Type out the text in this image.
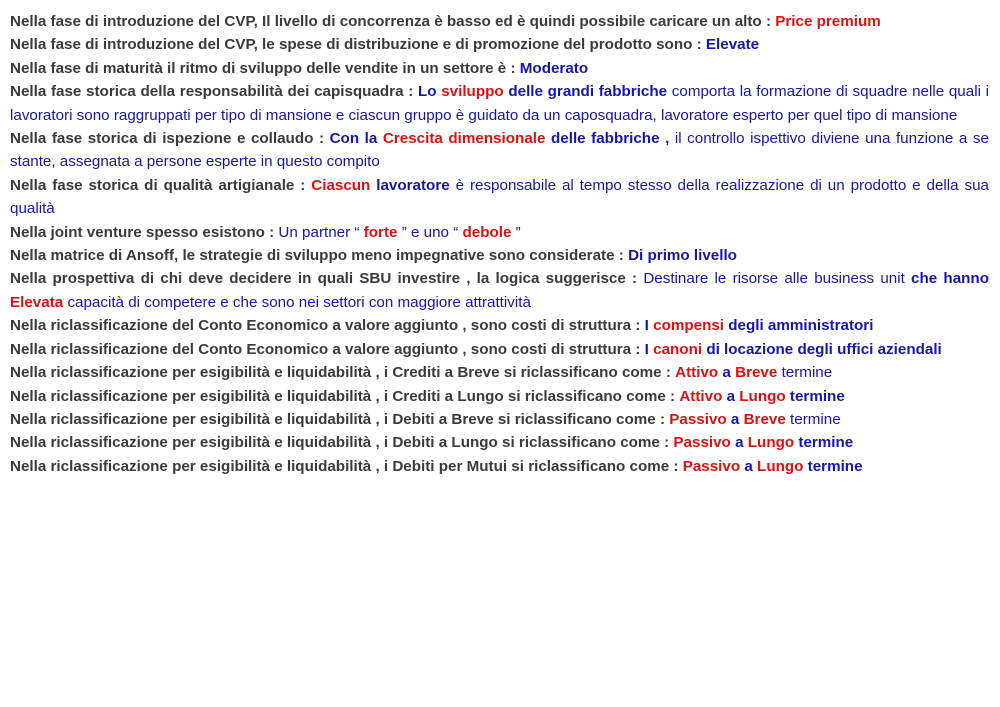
Nella fase di introduzione del CVP, Il livello di concorrenza è basso ed è quindi possibile caricare un alto : Price premium

Nella fase di introduzione del CVP, le spese di distribuzione e di promozione del prodotto sono : Elevate

Nella fase di maturità il ritmo di sviluppo delle vendite in un settore è : Moderato

Nella fase storica della responsabilità dei capisquadra : Lo sviluppo delle grandi fabbriche comporta la formazione di squadre nelle quali i lavoratori sono raggruppati per tipo di mansione e ciascun gruppo è guidato da un caposquadra, lavoratore esperto per quel tipo di mansione

Nella fase storica di ispezione e collaudo : Con la Crescita dimensionale delle fabbriche , il controllo ispettivo diviene una funzione a se stante, assegnata a persone esperte in questo compito

Nella fase storica di qualità artigianale : Ciascun lavoratore è responsabile al tempo stesso della realizzazione di un prodotto e della sua qualità

Nella joint venture spesso esistono : Un partner “ forte ” e uno “ debole ”

Nella matrice di Ansoff, le strategie di sviluppo meno impegnative sono considerate : Di primo livello

Nella prospettiva di chi deve decidere in quali SBU investire , la logica suggerisce : Destinare le risorse alle business unit che hanno Elevata capacità di competere e che sono nei settori con maggiore attrattività

Nella riclassificazione del Conto Economico a valore aggiunto , sono costi di struttura : I compensi degli amministratori

Nella riclassificazione del Conto Economico a valore aggiunto , sono costi di struttura : I canoni di locazione degli uffici aziendali

Nella riclassificazione per esigibilità e liquidabilità , i Crediti a Breve si riclassificano come : Attivo a Breve termine

Nella riclassificazione per esigibilità e liquidabilità , i Crediti a Lungo si riclassificano come : Attivo a Lungo termine

Nella riclassificazione per esigibilità e liquidabilità , i Debiti a Breve si riclassificano come : Passivo a Breve termine

Nella riclassificazione per esigibilità e liquidabilità , i Debiti a Lungo si riclassificano come : Passivo a Lungo termine

Nella riclassificazione per esigibilità e liquidabilità , i Debiti per Mutui si riclassificano come : Passivo a Lungo termine
